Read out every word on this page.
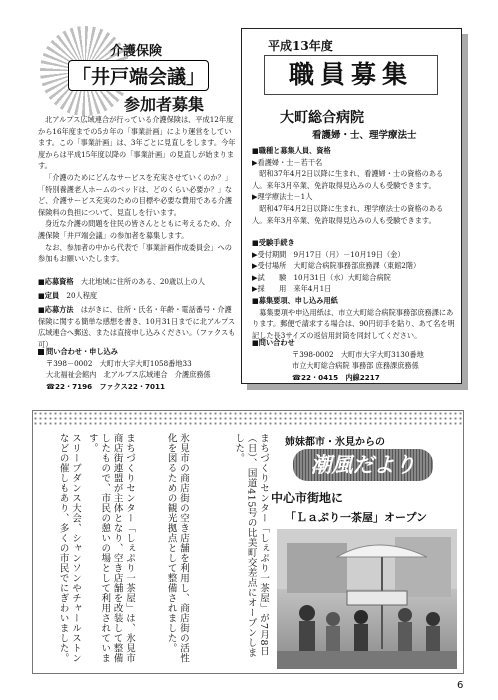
介護保険
「井戸端会議」
参加者募集

北アルプス広域連合が行っている介護保険は、平成12年度から16年度までの5カ年の「事業計画」により運営をしています。この「事業計画」は、3年ごとに見直しをします。今年度からは平成15年度以降の「事業計画」の見直しが始まります。

「介護のためにどんなサービスを充実させていくのか？」「特別養護老人ホームのベッドは、どのくらい必要か？」など、介護サービス充実のための目標や必要な費用である介護保険料の負担について、見直しを行います。

身近な介護の問題を住民の皆さんとともに考えるため、介護保険「井戸端会議」の参加者を募集します。

なお、参加者の中から代表で「事業計画作成委員会」への参加もお願いいたします。

■応募資格　 大北地域に住所のある、20歳以上の人
■定員　 20人程度
■応募方法　 はがきに、住所・氏名・年齢・電話番号・介護保険に関する簡単な感想を書き、10月31日までに北アルプス広域連合へ郵送、または直接申し込みください。（ファクスも可）
問い合わせ・申し込み
〒398－0002　大町市大字大町1058番地33
大北福祉会館内　北アルプス広域連合　介護庶務係
☎22・7196　ファクス22・7011
平成13年度
職員募集
大町総合病院
看護婦・士、理学療法士
■職種と募集人員、資格
▶看護婦・士－若干名
　昭和37年4月2日以降に生まれ、看護婦・士の資格のある人。来年3月卒業、免許取得見込みの人も受験できます。
▶理学療法士－1人
　昭和47年4月2日以降に生まれ、理学療法士の資格のある人。来年3月卒業、免許取得見込みの人も受験できます。
■受験手続き
▶受付期間　9月17日（月）－10月19日（金）
▶受付場所　大町総合病院事務部庶務課（東館2階）
▶試　　験　10月31日（水）大町総合病院
▶採　　用　来年4月1日
■募集要項、申し込み用紙
　募集要項や申込用紙は、市立大町総合病院事務部庶務課にあります。郵便で請求する場合は、90円切手を貼り、あて名を明記した長3サイズの返信用封筒を同封してください。
■問い合わせ
〒398-0002　大町市大字大町3130番地
市立大町総合病院 事務部 庶務課庶務係
☎22・0415　内線2217
スリーブダンス大会、シャンソンやチャールストンなどの催しもあり、多くの市民でにぎわいました。	まちづくりセンター「しぇぷり一茶屋」は、氷見市商店街連盟が主体となり、空き店舗を改装して整備したもので、市民の憩いの場として利用されています。	氷見市の商店街の空き店舗を利用し、商店街の活性化を図るための観光拠点として整備されました。	まちづくりセンター「しぇぷり一茶屋」が7月8日（日）、国道415号の比美町交差点にオープンしました。	姉妹都市・氷見からの
潮風だより
中心市街地に
「Ｌａぷり一茶屋」オープン
6
